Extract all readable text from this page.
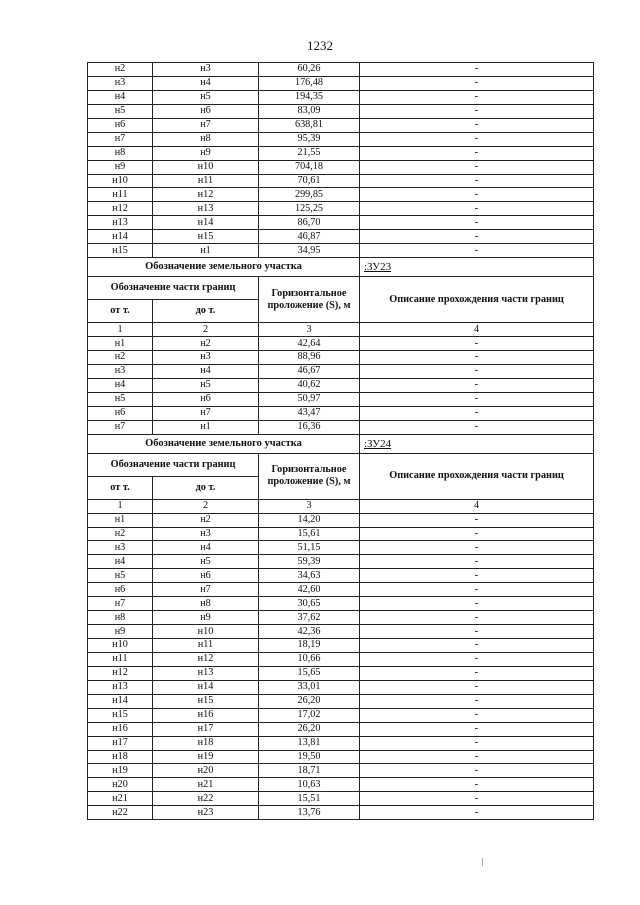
1232
н2	н3	60,26	-
н3	н4	176,48	-
н4	н5	194,35	-
н5	н6	83,09	-
н6	н7	638,81	-
н7	н8	95,39	-
н8	н9	21,55	-
н9	н10	704,18	-
н10	н11	70,61	-
н11	н12	299,85	-
н12	н13	125,25	-
н13	н14	86,70	-
н14	н15	46,87	-
н15	н1	34,95	-
Обозначение земельного участка			:ЗУ23
Обозначение части границ		Горизонтальное проложение (S), м	Описание прохождения части границ
от т.	до т.		
1	2	3	4
н1	н2	42,64	-
н2	н3	88,96	-
н3	н4	46,67	-
н4	н5	40,62	-
н5	н6	50,97	-
н6	н7	43,47	-
н7	н1	16,36	-
Обозначение земельного участка			:ЗУ24
Обозначение части границ		Горизонтальное проложение (S), м	Описание прохождения части границ
от т.	до т.		
1	2	3	4
н1	н2	14,20	-
н2	н3	15,61	-
н3	н4	51,15	-
н4	н5	59,39	-
н5	н6	34,63	-
н6	н7	42,60	-
н7	н8	30,65	-
н8	н9	37,62	-
н9	н10	42,36	-
н10	н11	18,19	-
н11	н12	10,66	-
н12	н13	15,65	-
н13	н14	33,01	-
н14	н15	26,20	-
н15	н16	17,02	-
н16	н17	26,20	-
н17	н18	13,81	-
н18	н19	19,50	-
н19	н20	18,71	-
н20	н21	10,63	-
н21	н22	15,51	-
н22	н23	13,76	-
